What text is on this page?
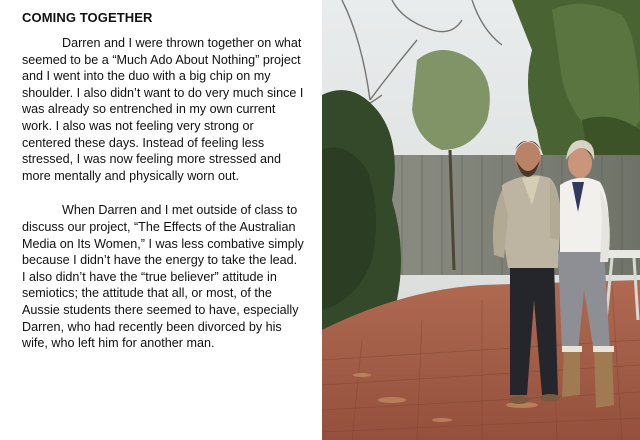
COMING TOGETHER

Darren and I were thrown together on what seemed to be a “Much Ado About Nothing” project and I went into the duo with a big chip on my shoulder. I also didn’t want to do very much since I was already so entrenched in my own current work. I also was not feeling very strong or centered these days. Instead of feeling less stressed, I was now feeling more stressed and more mentally and physically worn out.

When Darren and I met outside of class to discuss our project, “The Effects of the Australian Media on Its Women,” I was less combative simply because I didn’t have the energy to take the lead. I also didn’t have the “true believer” attitude in semiotics; the attitude that all, or most, of the Aussie students there seemed to have, especially Darren, who had recently been divorced by his wife, who left him for another man.
